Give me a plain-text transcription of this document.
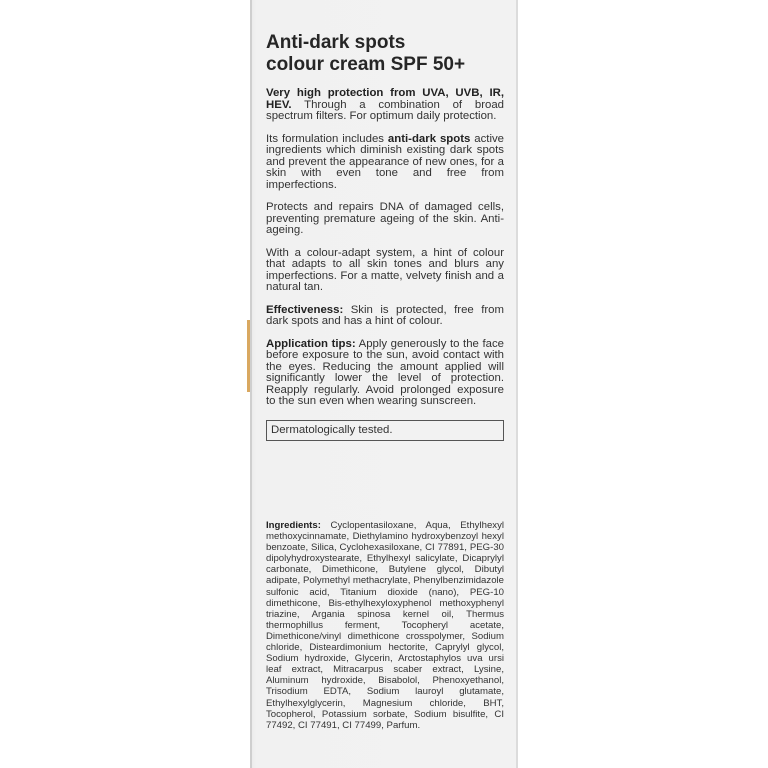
Anti-dark spots
colour cream SPF 50+

Very high protection from UVA, UVB, IR, HEV. Through a combination of broad spectrum filters. For optimum daily protection.

Its formulation includes anti-dark spots active ingredients which diminish existing dark spots and prevent the appearance of new ones, for a skin with even tone and free from imperfections.

Protects and repairs DNA of damaged cells, preventing premature ageing of the skin. Anti-ageing.

With a colour-adapt system, a hint of colour that adapts to all skin tones and blurs any imperfections. For a matte, velvety finish and a natural tan.

Effectiveness: Skin is protected, free from dark spots and has a hint of colour.

Application tips: Apply generously to the face before exposure to the sun, avoid contact with the eyes. Reducing the amount applied will significantly lower the level of protection. Reapply regularly. Avoid prolonged exposure to the sun even when wearing sunscreen.

Dermatologically tested.
Ingredients: Cyclopentasiloxane, Aqua, Ethylhexyl methoxycinnamate, Diethylamino hydroxybenzoyl hexyl benzoate, Silica, Cyclohexasiloxane, CI 77891, PEG-30 dipolyhydroxystearate, Ethylhexyl salicylate, Dicaprylyl carbonate, Dimethicone, Butylene glycol, Dibutyl adipate, Polymethyl methacrylate, Phenylbenzimidazole sulfonic acid, Titanium dioxide (nano), PEG-10 dimethicone, Bis-ethylhexyloxyphenol methoxyphenyl triazine, Argania spinosa kernel oil, Thermus thermophillus ferment, Tocopheryl acetate, Dimethicone/vinyl dimethicone crosspolymer, Sodium chloride, Disteardimonium hectorite, Caprylyl glycol, Sodium hydroxide, Glycerin, Arctostaphylos uva ursi leaf extract, Mitracarpus scaber extract, Lysine, Aluminum hydroxide, Bisabolol, Phenoxyethanol, Trisodium EDTA, Sodium lauroyl glutamate, Ethylhexylglycerin, Magnesium chloride, BHT, Tocopherol, Potassium sorbate, Sodium bisulfite, CI 77492, CI 77491, CI 77499, Parfum.
